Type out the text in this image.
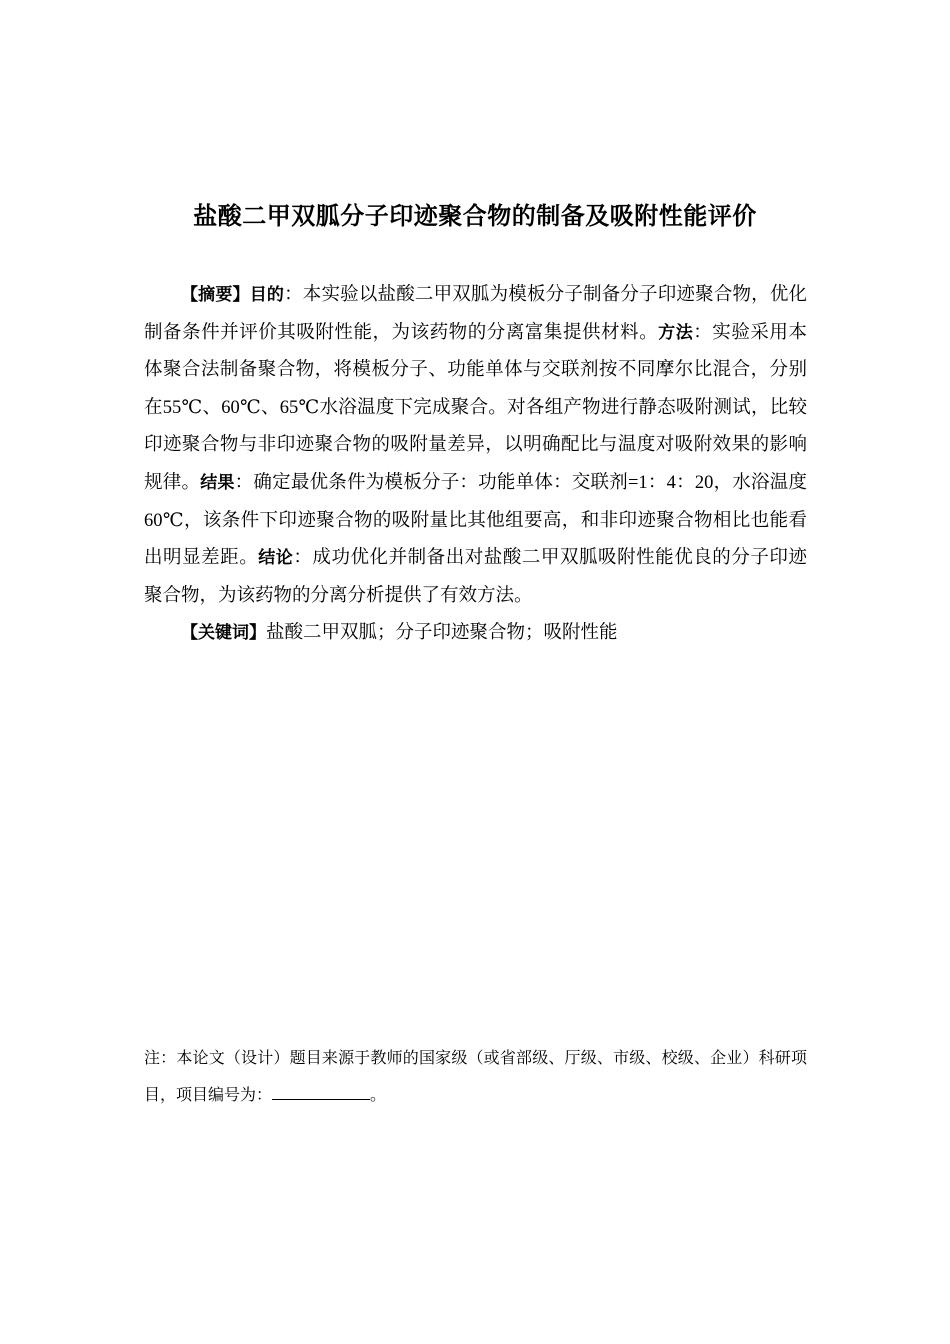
盐酸二甲双胍分子印迹聚合物的制备及吸附性能评价

【摘要】目的：本实验以盐酸二甲双胍为模板分子制备分子印迹聚合物，优化制备条件并评价其吸附性能，为该药物的分离富集提供材料。方法：实验采用本体聚合法制备聚合物，将模板分子、功能单体与交联剂按不同摩尔比混合，分别在55℃、60℃、65℃水浴温度下完成聚合。对各组产物进行静态吸附测试，比较印迹聚合物与非印迹聚合物的吸附量差异，以明确配比与温度对吸附效果的影响规律。结果：确定最优条件为模板分子：功能单体：交联剂=1：4：20，水浴温度60℃，该条件下印迹聚合物的吸附量比其他组要高，和非印迹聚合物相比也能看出明显差距。结论：成功优化并制备出对盐酸二甲双胍吸附性能优良的分子印迹聚合物，为该药物的分离分析提供了有效方法。

【关键词】盐酸二甲双胍；分子印迹聚合物；吸附性能

注：本论文（设计）题目来源于教师的国家级（或省部级、厅级、市级、校级、企业）科研项目，项目编号为：	。
